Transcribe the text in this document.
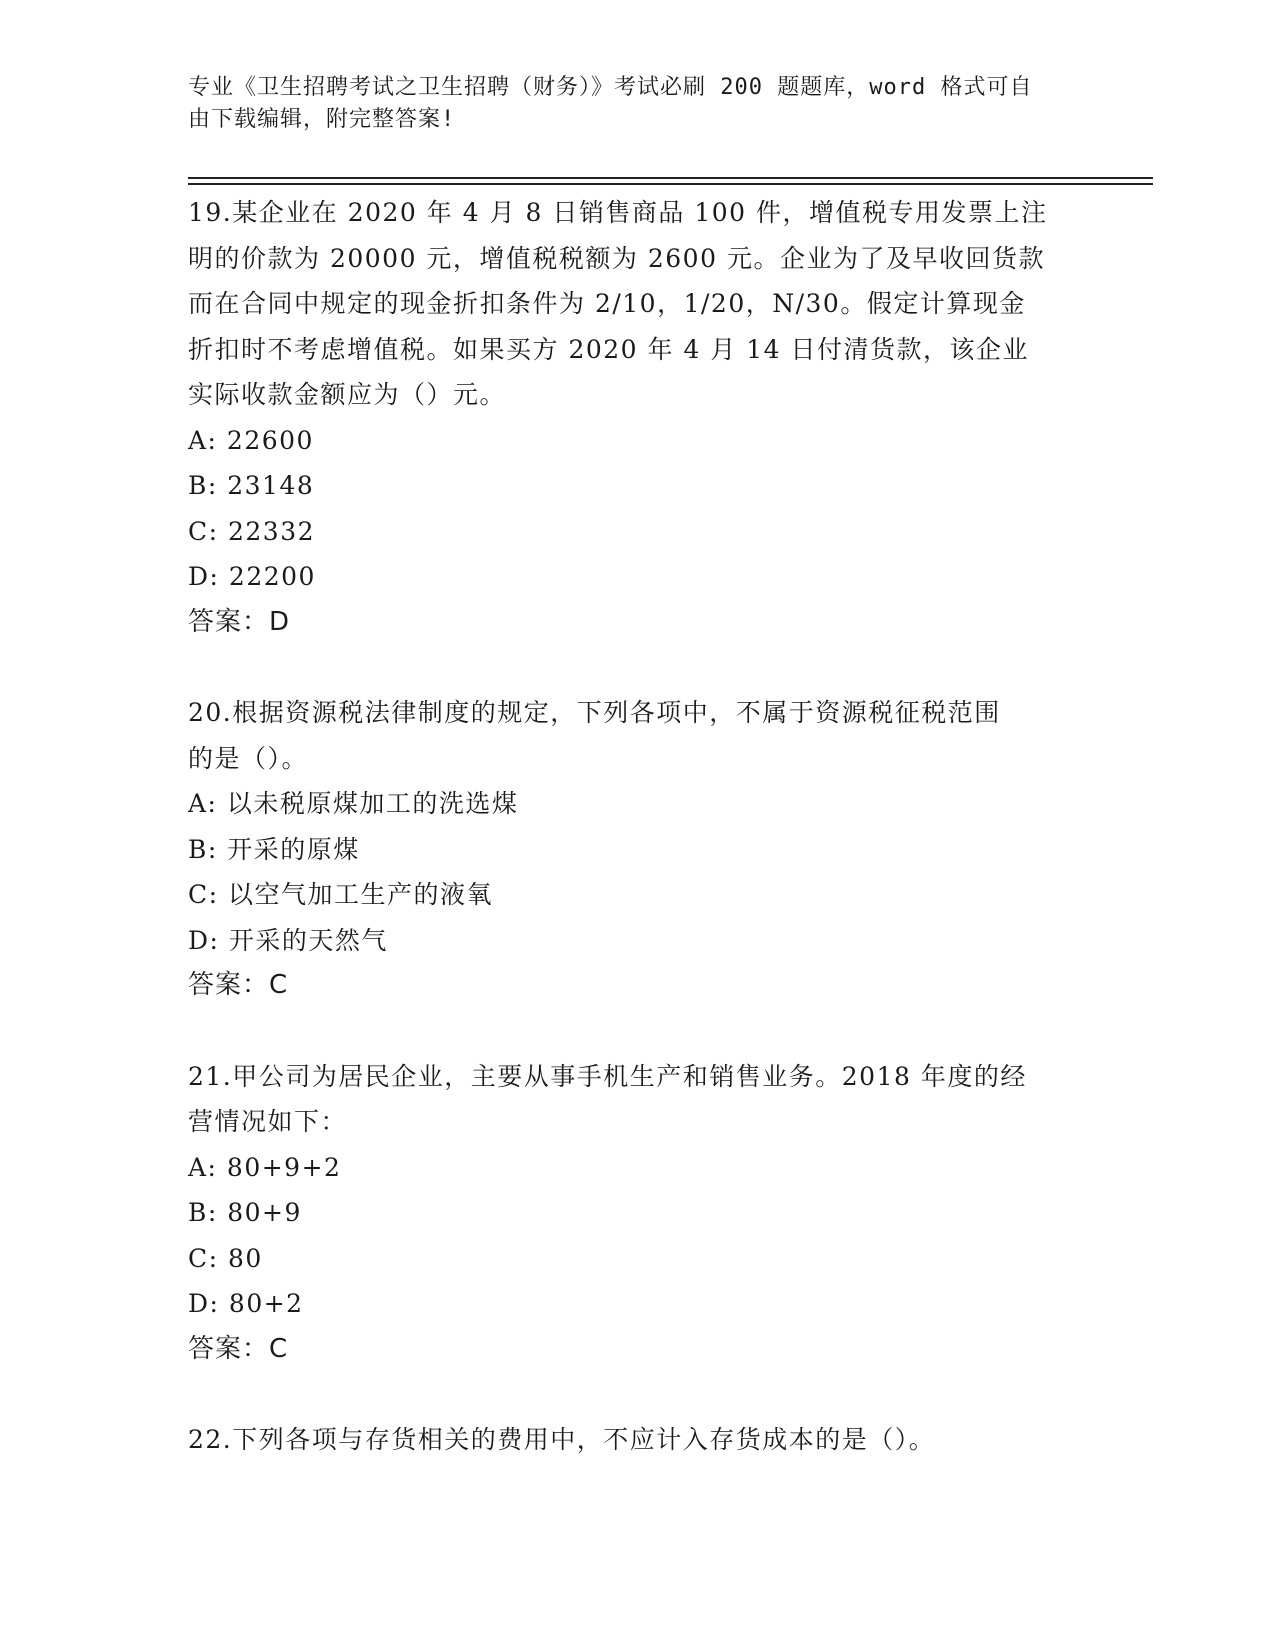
专业《卫生招聘考试之卫生招聘（财务）》考试必刷 200 题题库，word 格式可自
由下载编辑，附完整答案!
19.某企业在 2020 年 4 月 8 日销售商品 100 件，增值税专用发票上注
明的价款为 20000 元，增值税税额为 2600 元。企业为了及早收回货款
而在合同中规定的现金折扣条件为 2/10，1/20，N/30。假定计算现金
折扣时不考虑增值税。如果买方 2020 年 4 月 14 日付清货款，该企业
实际收款金额应为（）元。
A: 22600
B: 23148
C: 22332
D: 22200
答案：D
20.根据资源税法律制度的规定，下列各项中，不属于资源税征税范围
的是（）。
A: 以未税原煤加工的洗选煤
B: 开采的原煤
C: 以空气加工生产的液氧
D: 开采的天然气
答案：C
21.甲公司为居民企业，主要从事手机生产和销售业务。2018 年度的经
营情况如下：
A: 80+9+2
B: 80+9
C: 80
D: 80+2
答案：C
22.下列各项与存货相关的费用中，不应计入存货成本的是（）。
